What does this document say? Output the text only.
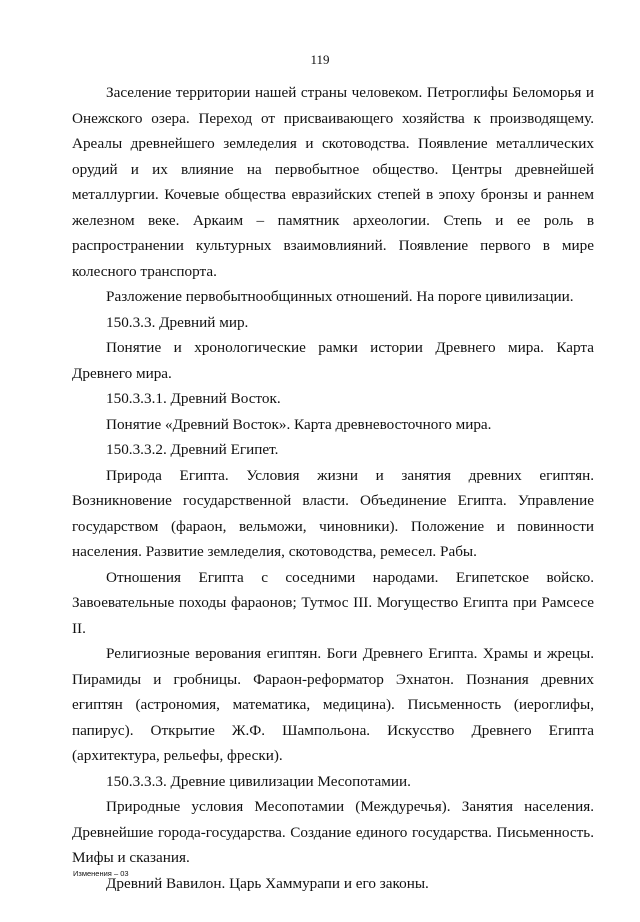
119

Заселение территории нашей страны человеком. Петроглифы Беломорья и Онежского озера. Переход от присваивающего хозяйства к производящему. Ареалы древнейшего земледелия и скотоводства. Появление металлических орудий и их влияние на первобытное общество. Центры древнейшей металлургии. Кочевые общества евразийских степей в эпоху бронзы и раннем железном веке. Аркаим – памятник археологии. Степь и ее роль в распространении культурных взаимовлияний. Появление первого в мире колесного транспорта.

Разложение первобытнообщинных отношений. На пороге цивилизации.

150.3.3. Древний мир.

Понятие и хронологические рамки истории Древнего мира. Карта Древнего мира.

150.3.3.1. Древний Восток.

Понятие «Древний Восток». Карта древневосточного мира.

150.3.3.2. Древний Египет.

Природа Египта. Условия жизни и занятия древних египтян. Возникновение государственной власти. Объединение Египта. Управление государством (фараон, вельможи, чиновники). Положение и повинности населения. Развитие земледелия, скотоводства, ремесел. Рабы.

Отношения Египта с соседними народами. Египетское войско. Завоевательные походы фараонов; Тутмос III. Могущество Египта при Рамсесе II.

Религиозные верования египтян. Боги Древнего Египта. Храмы и жрецы. Пирамиды и гробницы. Фараон-реформатор Эхнатон. Познания древних египтян (астрономия, математика, медицина). Письменность (иероглифы, папирус). Открытие Ж.Ф. Шампольона. Искусство Древнего Египта (архитектура, рельефы, фрески).

150.3.3.3. Древние цивилизации Месопотамии.

Природные условия Месопотамии (Междуречья). Занятия населения. Древнейшие города-государства. Создание единого государства. Письменность. Мифы и сказания.

Древний Вавилон. Царь Хаммурапи и его законы.

Изменения – 03
